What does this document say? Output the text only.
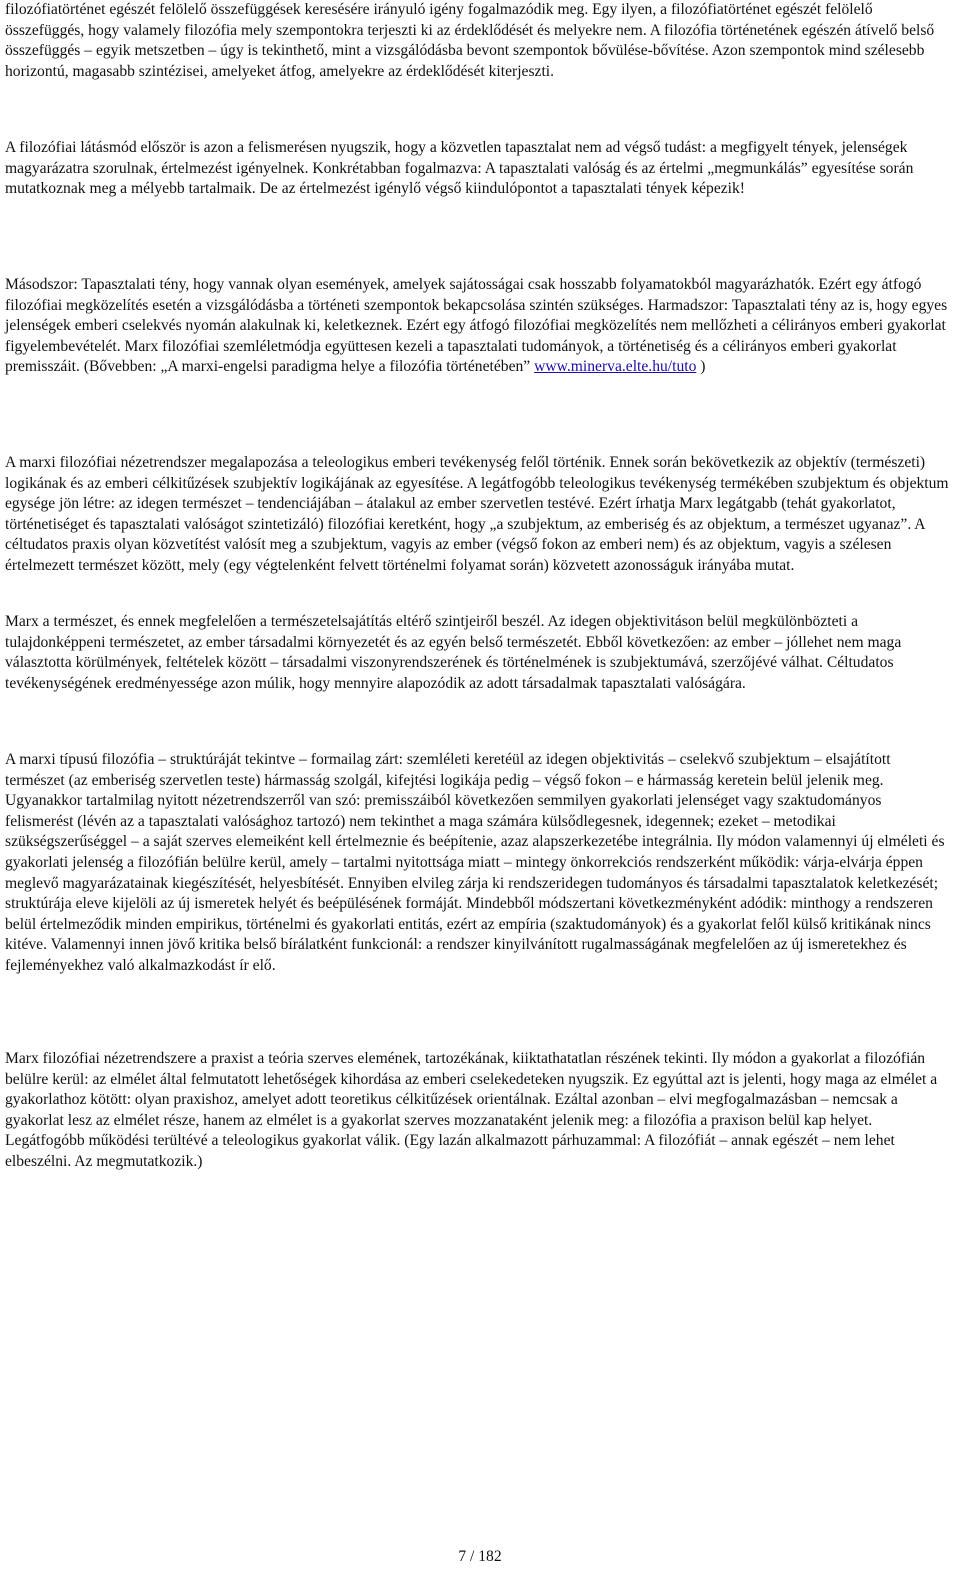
filozófiatörténet egészét felölelő összefüggések keresésére irányuló igény fogalmazódik meg. Egy ilyen, a filozófiatörténet egészét felölelő összefüggés, hogy valamely filozófia mely szempontokra terjeszti ki az érdeklődését és melyekre nem. A filozófia történetének egészén átívelő belső összefüggés – egyik metszetben – úgy is tekinthető, mint a vizsgálódásba bevont szempontok bővülése-bővítése. Azon szempontok mind szélesebb horizontú, magasabb szintézisei, amelyeket átfog, amelyekre az érdeklődését kiterjeszti.

A filozófiai látásmód először is azon a felismerésen nyugszik, hogy a közvetlen tapasztalat nem ad végső tudást: a megfigyelt tények, jelenségek magyarázatra szorulnak, értelmezést igényelnek. Konkrétabban fogalmazva: A tapasztalati valóság és az értelmi „megmunkálás” egyesítése során mutatkoznak meg a mélyebb tartalmaik. De az értelmezést igénylő végső kiindulópontot a tapasztalati tények képezik!

Másodszor: Tapasztalati tény, hogy vannak olyan események, amelyek sajátosságai csak hosszabb folyamatokból magyarázhatók. Ezért egy átfogó filozófiai megközelítés esetén a vizsgálódásba a történeti szempontok bekapcsolása szintén szükséges. Harmadszor: Tapasztalati tény az is, hogy egyes jelenségek emberi cselekvés nyomán alakulnak ki, keletkeznek. Ezért egy átfogó filozófiai megközelítés nem mellőzheti a célirányos emberi gyakorlat figyelembevételét. Marx filozófiai szemléletmódja együttesen kezeli a tapasztalati tudományok, a történetiség és a célirányos emberi gyakorlat premisszáit. (Bővebben: „A marxi-engelsi paradigma helye a filozófia történetében” www.minerva.elte.hu/tuto )

A marxi filozófiai nézetrendszer megalapozása a teleologikus emberi tevékenység felől történik. Ennek során bekövetkezik az objektív (természeti) logikának és az emberi célkitűzések szubjektív logikájának az egyesítése. A legátfogóbb teleologikus tevékenység termékében szubjektum és objektum egysége jön létre: az idegen természet – tendenciájában – átalakul az ember szervetlen testévé. Ezért írhatja Marx legátgabb (tehát gyakorlatot, történetiséget és tapasztalati valóságot szintetizáló) filozófiai keretként, hogy „a szubjektum, az emberiség és az objektum, a természet ugyanaz”. A céltudatos praxis olyan közvetítést valósít meg a szubjektum, vagyis az ember (végső fokon az emberi nem) és az objektum, vagyis a szélesen értelmezett természet között, mely (egy végtelenként felvett történelmi folyamat során) közvetett azonosságuk irányába mutat.

Marx a természet, és ennek megfelelően a természetelsajátítás eltérő szintjeiről beszél. Az idegen objektivitáson belül megkülönbözteti a tulajdonképpeni természetet, az ember társadalmi környezetét és az egyén belső természetét. Ebből következően: az ember – jóllehet nem maga választotta körülmények, feltételek között – társadalmi viszonyrendszerének és történelmének is szubjektumává, szerzőjévé válhat. Céltudatos tevékenységének eredményessége azon múlik, hogy mennyire alapozódik az adott társadalmak tapasztalati valóságára.

A marxi típusú filozófia – struktúráját tekintve – formailag zárt: szemléleti keretéül az idegen objektivitás – cselekvő szubjektum – elsajátított természet (az emberiség szervetlen teste) hármasság szolgál, kifejtési logikája pedig – végső fokon – e hármasság keretein belül jelenik meg. Ugyanakkor tartalmilag nyitott nézetrendszerről van szó: premisszáiból következően semmilyen gyakorlati jelenséget vagy szaktudományos felismerést (lévén az a tapasztalati valósághoz tartozó) nem tekinthet a maga számára külsődlegesnek, idegennek; ezeket – metodikai szükségszerűséggel – a saját szerves elemeiként kell értelmeznie és beépítenie, azaz alapszerkezetébe integrálnia. Ily módon valamennyi új elméleti és gyakorlati jelenség a filozófián belülre kerül, amely – tartalmi nyitottsága miatt – mintegy önkorrekciós rendszerként működik: várja-elvárja éppen meglevő magyarázatainak kiegészítését, helyesbítését. Ennyiben elvileg zárja ki rendszeridegen tudományos és társadalmi tapasztalatok keletkezését; struktúrája eleve kijelöli az új ismeretek helyét és beépülésének formáját. Mindebből módszertani következményként adódik: minthogy a rendszeren belül értelmeződik minden empirikus, történelmi és gyakorlati entitás, ezért az empíria (szaktudományok) és a gyakorlat felől külső kritikának nincs kitéve. Valamennyi innen jövő kritika belső bírálatként funkcionál: a rendszer kinyilvánított rugalmasságának megfelelően az új ismeretekhez és fejleményekhez való alkalmazkodást ír elő.

Marx filozófiai nézetrendszere a praxist a teória szerves elemének, tartozékának, kiiktathatatlan részének tekinti. Ily módon a gyakorlat a filozófián belülre kerül: az elmélet által felmutatott lehetőségek kihordása az emberi cselekedeteken nyugszik. Ez egyúttal azt is jelenti, hogy maga az elmélet a gyakorlathoz kötött: olyan praxishoz, amelyet adott teoretikus célkitűzések orientálnak. Ezáltal azonban – elvi megfogalmazásban – nemcsak a gyakorlat lesz az elmélet része, hanem az elmélet is a gyakorlat szerves mozzanataként jelenik meg: a filozófia a praxison belül kap helyet. Legátfogóbb működési terültévé a teleologikus gyakorlat válik. (Egy lazán alkalmazott párhuzammal: A filozófiát – annak egészét – nem lehet elbeszélni. Az megmutatkozik.)

7 / 182
